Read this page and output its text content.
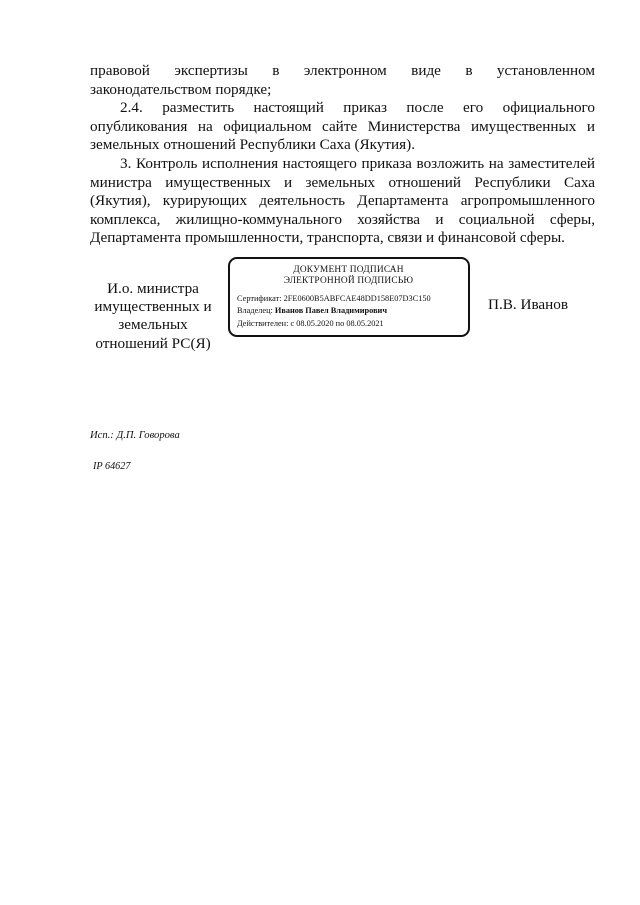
правовой экспертизы в электронном виде в установленном законодательством порядке;

2.4. разместить настоящий приказ после его официального опубликования на официальном сайте Министерства имущественных и земельных отношений Республики Саха (Якутия).

3. Контроль исполнения настоящего приказа возложить на заместителей министра имущественных и земельных отношений Республики Саха (Якутия), курирующих деятельность Департамента агропромышленного комплекса, жилищно-коммунального хозяйства и социальной сферы, Департамента промышленности, транспорта, связи и финансовой сферы.

И.о. министра
имущественных и
земельных
отношений РС(Я)
ДОКУМЕНТ ПОДПИСАН
ЭЛЕКТРОННОЙ ПОДПИСЬЮ
Сертификат: 2FE0600B5ABFCAE48DD158E07D3C150
Владелец: Иванов Павел Владимирович
Действителен: с 08.05.2020 по 08.05.2021
П.В. Иванов
Исп.: Д.П. Говорова
IP 64627
